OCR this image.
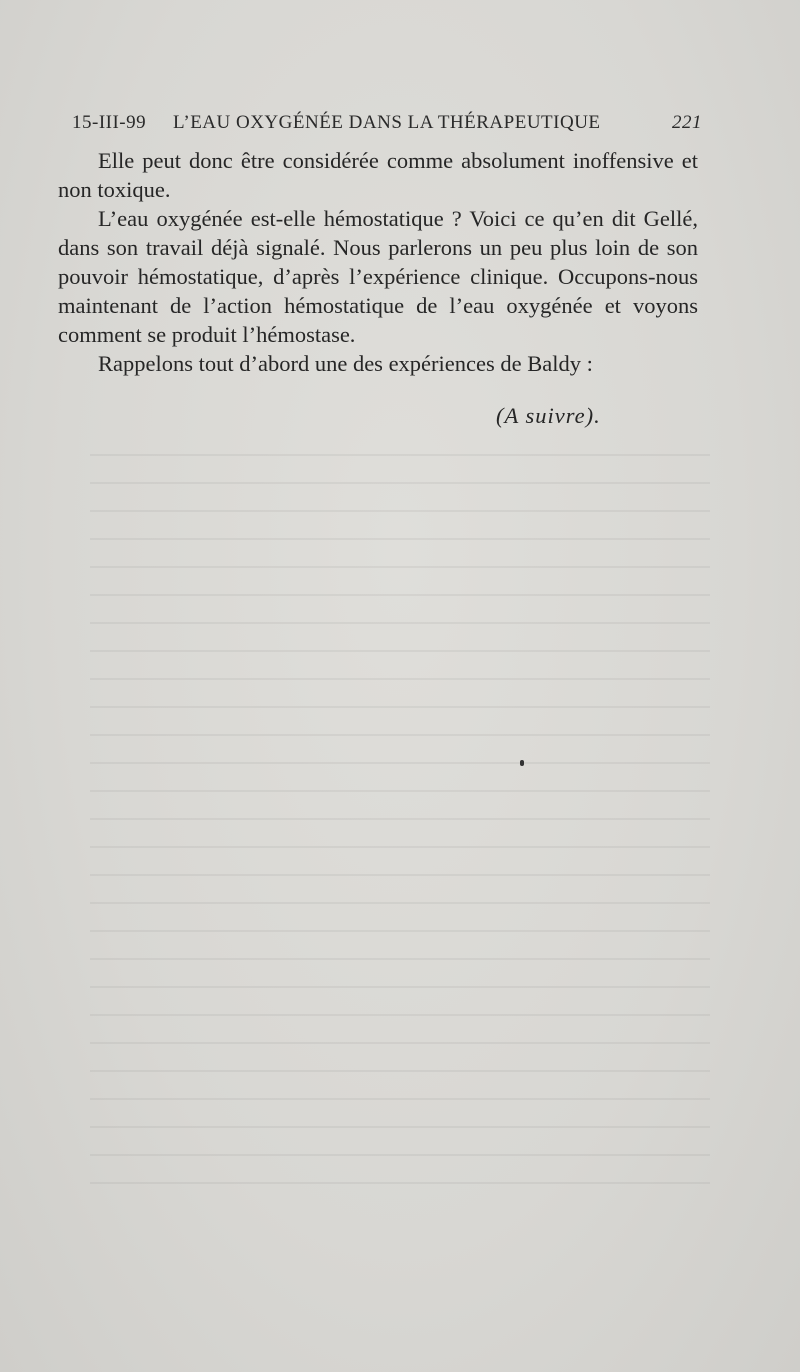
15-III-99 L’EAU OXYGÉNÉE DANS LA THÉRAPEUTIQUE	221

Elle peut donc être considérée comme absolument inoffensive et non toxique.

L’eau oxygénée est-elle hémostatique ? Voici ce qu’en dit Gellé, dans son travail déjà signalé. Nous parlerons un peu plus loin de son pouvoir hémostatique, d’après l’expérience clinique. Occupons-nous maintenant de l’action hémostatique de l’eau oxygénée et voyons comment se produit l’hémostase.

Rappelons tout d’abord une des expériences de Baldy :

(A suivre).
